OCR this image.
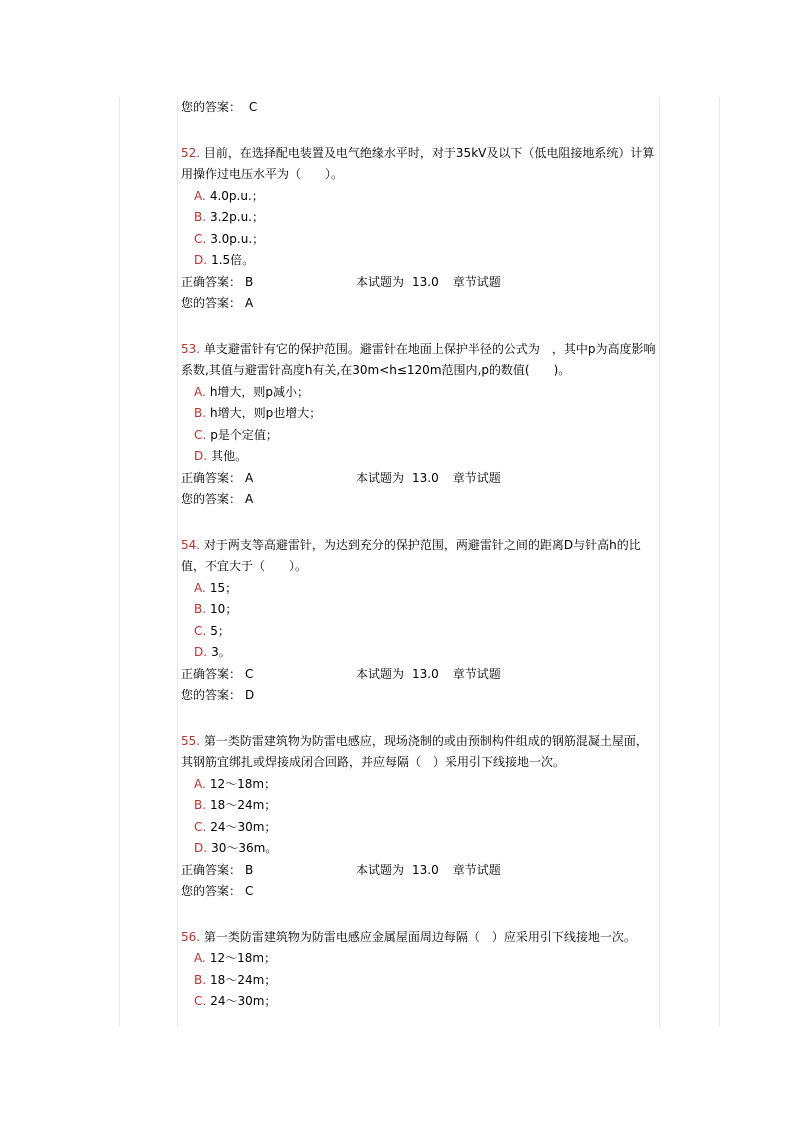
您的答案： C

52. 目前，在选择配电装置及电气绝缘水平时，对于35kV及以下（低电阻接地系统）计算用操作过电压水平为（　　）。

A. 4.0p.u.；
B. 3.2p.u.；
C. 3.0p.u.；
D. 1.5倍。
正确答案： B	本试题为 13.0 章节试题
您的答案： A

53. 单支避雷针有它的保护范围。避雷针在地面上保护半径的公式为　，其中p为高度影响系数,其值与避雷针高度h有关,在30m<h≤120m范围内,p的数值(　　)。

A. h增大，则p减小；
B. h增大，则p也增大；
C. p是个定值；
D. 其他。
正确答案： A	本试题为 13.0 章节试题
您的答案： A

54. 对于两支等高避雷针，为达到充分的保护范围，两避雷针之间的距离D与针高h的比值，不宜大于（　　）。

A. 15；
B. 10；
C. 5；
D. 3。
正确答案： C	本试题为 13.0 章节试题
您的答案： D

55. 第一类防雷建筑物为防雷电感应，现场浇制的或由预制构件组成的钢筋混凝土屋面，其钢筋宜绑扎或焊接成闭合回路，并应每隔（　）采用引下线接地一次。

A. 12～18m；
B. 18～24m；
C. 24～30m；
D. 30～36m。
正确答案： B	本试题为 13.0 章节试题
您的答案： C

56. 第一类防雷建筑物为防雷电感应金属屋面周边每隔（　）应采用引下线接地一次。

A. 12～18m；
B. 18～24m；
C. 24～30m；
